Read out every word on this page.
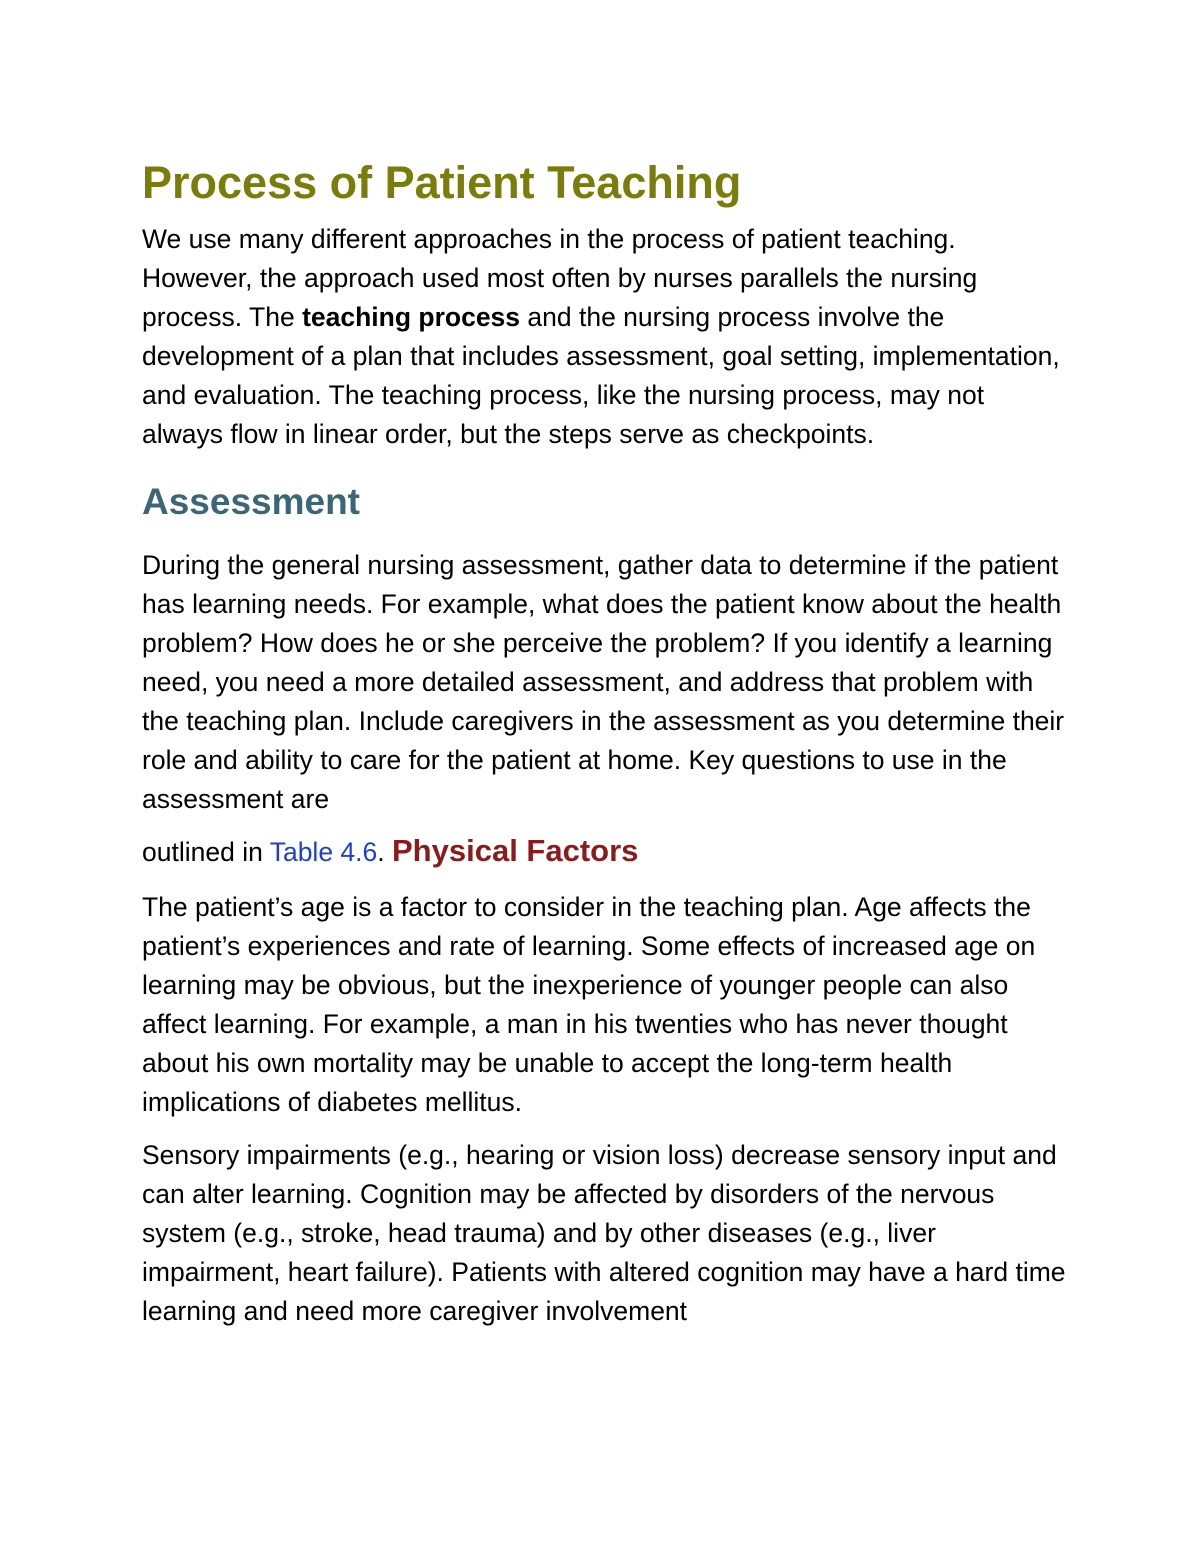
Process of Patient Teaching

We use many different approaches in the process of patient teaching. However, the approach used most often by nurses parallels the nursing process. The teaching process and the nursing process involve the development of a plan that includes assessment, goal setting, implementation, and evaluation. The teaching process, like the nursing process, may not always flow in linear order, but the steps serve as checkpoints.

Assessment

During the general nursing assessment, gather data to determine if the patient has learning needs. For example, what does the patient know about the health problem? How does he or she perceive the problem? If you identify a learning need, you need a more detailed assessment, and address that problem with the teaching plan. Include caregivers in the assessment as you determine their role and ability to care for the patient at home. Key questions to use in the assessment are

outlined in Table 4.6. Physical Factors

The patient’s age is a factor to consider in the teaching plan. Age affects the patient’s experiences and rate of learning. Some effects of increased age on learning may be obvious, but the inexperience of younger people can also affect learning. For example, a man in his twenties who has never thought about his own mortality may be unable to accept the long-term health implications of diabetes mellitus.

Sensory impairments (e.g., hearing or vision loss) decrease sensory input and can alter learning. Cognition may be affected by disorders of the nervous system (e.g., stroke, head trauma) and by other diseases (e.g., liver impairment, heart failure). Patients with altered cognition may have a hard time learning and need more caregiver involvement
